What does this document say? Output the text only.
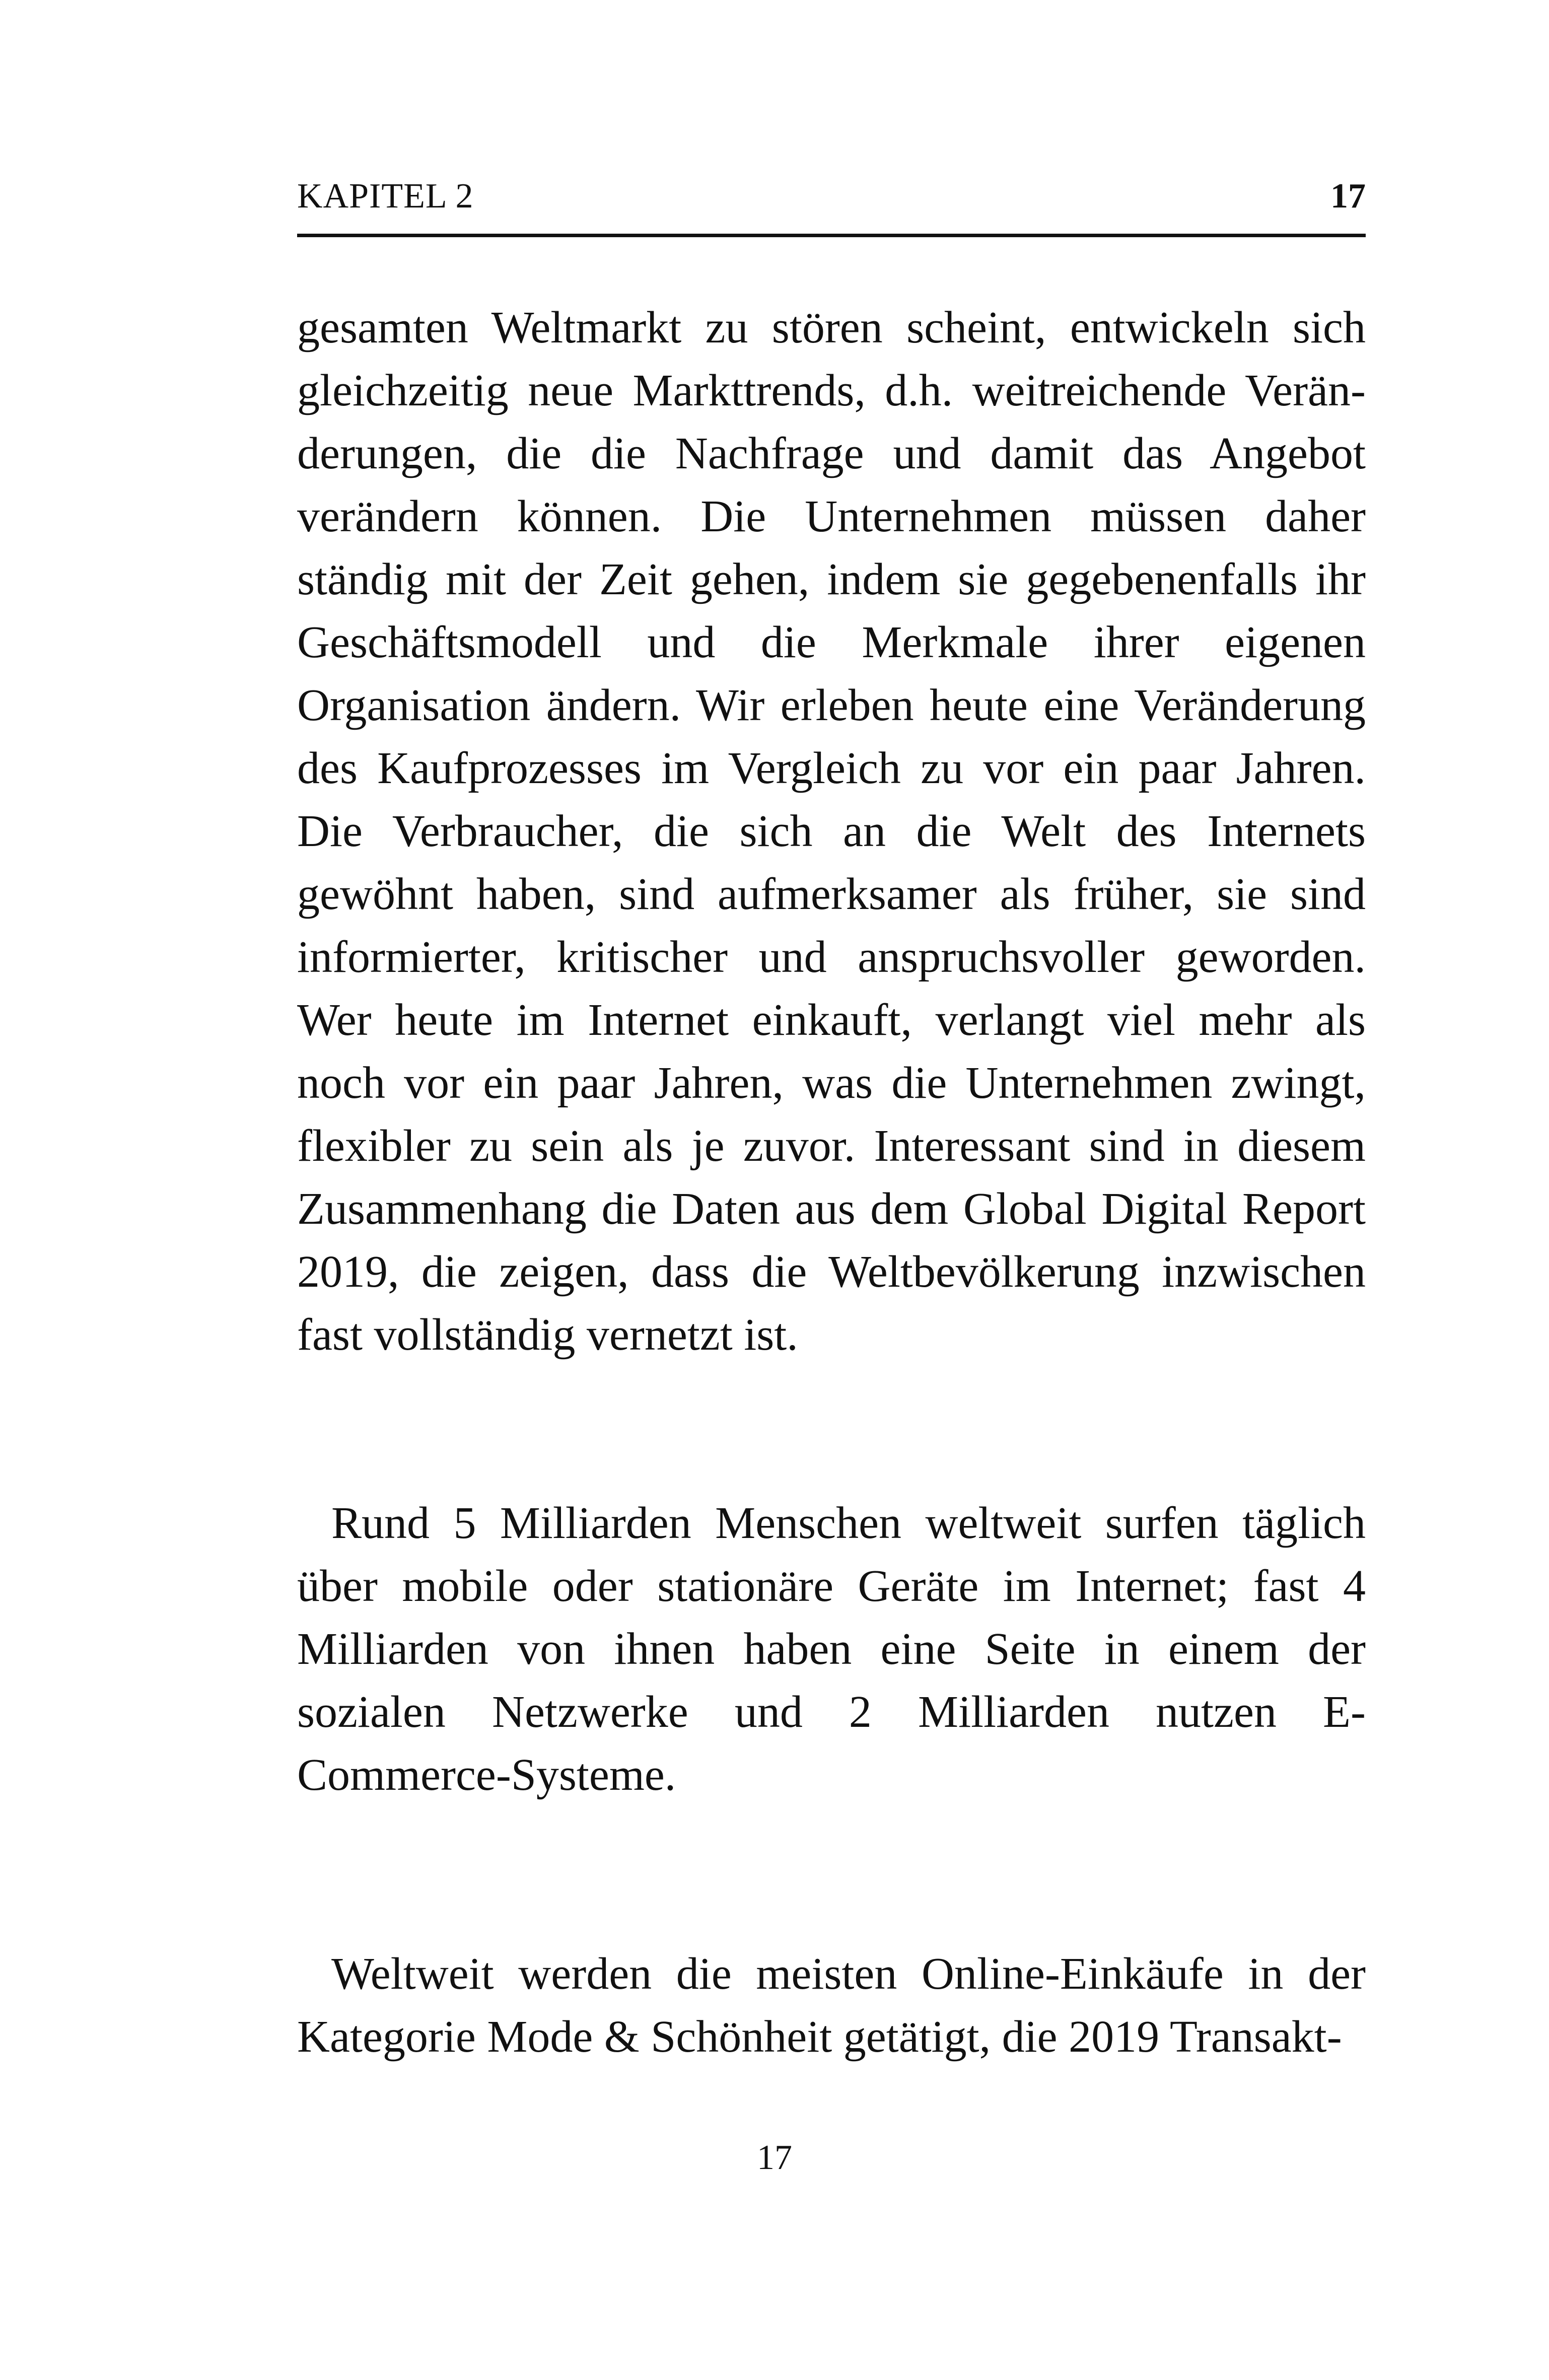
KAPITEL 2	17

gesamten Weltmarkt zu stören scheint, entwickeln sich gleichzeitig neue Markttrends, d.h. weitreichende Veränderungen, die die Nachfrage und damit das Angebot verändern können. Die Unternehmen müssen daher ständig mit der Zeit gehen, indem sie gegebenenfalls ihr Geschäftsmodell und die Merkmale ihrer eigenen Organisation ändern. Wir erleben heute eine Veränderung des Kaufprozesses im Vergleich zu vor ein paar Jahren. Die Verbraucher, die sich an die Welt des Internets gewöhnt haben, sind aufmerksamer als früher, sie sind informierter, kritischer und anspruchsvoller geworden. Wer heute im Internet einkauft, verlangt viel mehr als noch vor ein paar Jahren, was die Unternehmen zwingt, flexibler zu sein als je zuvor. Interessant sind in diesem Zusammenhang die Daten aus dem Global Digital Report 2019, die zeigen, dass die Weltbevölkerung inzwischen fast vollständig vernetzt ist.

Rund 5 Milliarden Menschen weltweit surfen täglich über mobile oder stationäre Geräte im Internet; fast 4 Milliarden von ihnen haben eine Seite in einem der sozialen Netzwerke und 2 Milliarden nutzen E-Commerce-Systeme.

Weltweit werden die meisten Online-Einkäufe in der Kategorie Mode & Schönheit getätigt, die 2019 Transakt-

17
